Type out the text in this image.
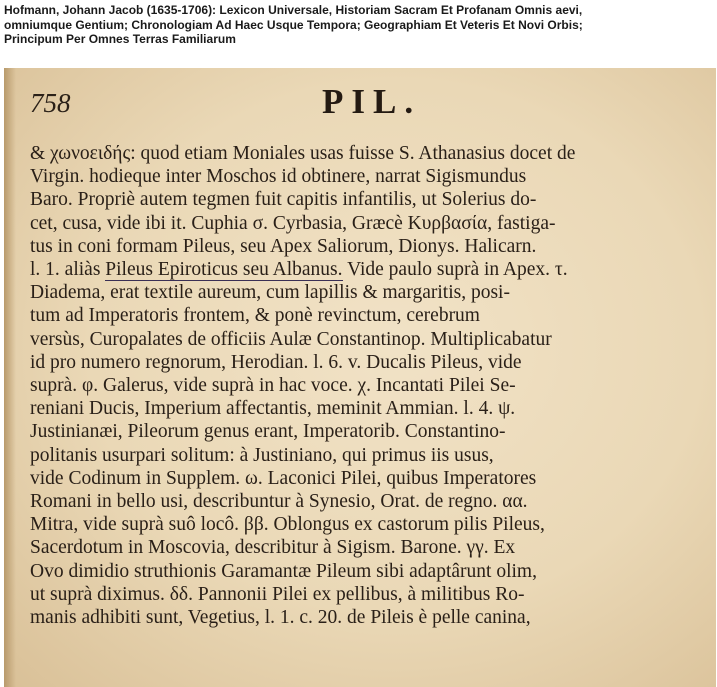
Hofmann, Johann Jacob (1635-1706): Lexicon Universale, Historiam Sacram Et Profanam Omnis aevi,
omniumque Gentium; Chronologiam Ad Haec Usque Tempora; Geographiam Et Veteris Et Novi Orbis;
Principum Per Omnes Terras Familiarum
758	PIL.
& χωνοειδής: quod etiam Moniales usas fuisse S. Athanasius docet de
Virgin. hodieque inter Moschos id obtinere, narrat Sigismundus
Baro. Propriè autem tegmen fuit capitis infantilis, ut Solerius do-
cet, cusa, vide ibi it. Cuphia σ. Cyrbasia, Græcè Κυρβασία, fastiga-
tus in coni formam Pileus, seu Apex Saliorum, Dionys. Halicarn.
l. 1. aliàs Pileus Epiroticus seu Albanus. Vide paulo suprà in Apex. τ.
Diadema, erat textile aureum, cum lapillis & margaritis, posi-
tum ad Imperatoris frontem, & ponè revinctum, cerebrum
versùs, Curopalates de officiis Aulæ Constantinop. Multiplicabatur
id pro numero regnorum, Herodian. l. 6. v. Ducalis Pileus, vide
suprà. φ. Galerus, vide suprà in hac voce. χ. Incantati Pilei Se-
reniani Ducis, Imperium affectantis, meminit Ammian. l. 4. ψ.
Justinianæi, Pileorum genus erant, Imperatorib. Constantino-
politanis usurpari solitum: à Justiniano, qui primus iis usus,
vide Codinum in Supplem. ω. Laconici Pilei, quibus Imperatores
Romani in bello usi, describuntur à Synesio, Orat. de regno. αα.
Mitra, vide suprà suô locô. ββ. Oblongus ex castorum pilis Pileus,
Sacerdotum in Moscovia, describitur à Sigism. Barone. γγ. Ex
Ovo dimidio struthionis Garamantæ Pileum sibi adaptârunt olim,
ut suprà diximus. δδ. Pannonii Pilei ex pellibus, à militibus Ro-
manis adhibiti sunt, Vegetius, l. 1. c. 20. de Pileis è pelle canina,
